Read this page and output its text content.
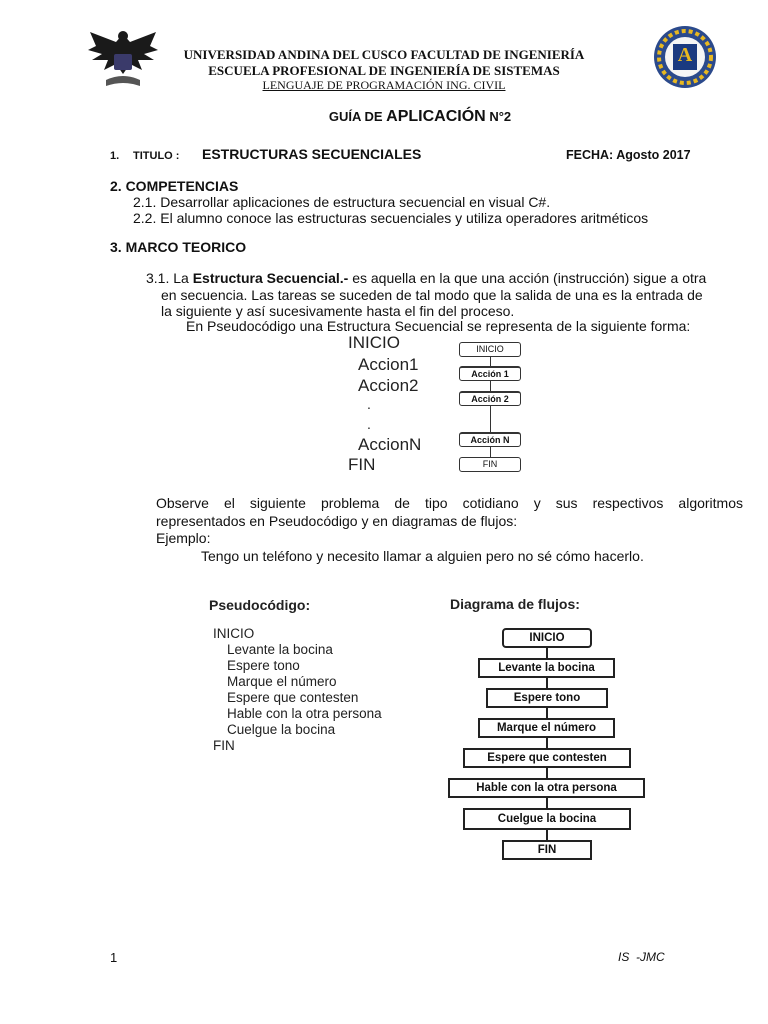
A
UNIVERSIDAD ANDINA DEL CUSCO FACULTAD DE INGENIERÍA
ESCUELA PROFESIONAL DE INGENIERÍA DE SISTEMAS
LENGUAJE DE PROGRAMACIÓN ING. CIVIL
GUÍA DE APLICACIÓN N°2
1. TITULO : ESTRUCTURAS SECUENCIALES	FECHA: Agosto 2017
2. COMPETENCIAS
2.1. Desarrollar aplicaciones de estructura secuencial en visual C#.
2.2. El alumno conoce las estructuras secuenciales y utiliza operadores aritméticos
3. MARCO TEORICO
3.1. La Estructura Secuencial.- es aquella en la que una acción (instrucción) sigue a otra
en secuencia. Las tareas se suceden de tal modo que la salida de una es la entrada de
la siguiente y así sucesivamente hasta el fin del proceso.
En Pseudocódigo una Estructura Secuencial se representa de la siguiente forma:
INICIO
Accion1
Accion2
.
.
AccionN
FIN
INICIO
Acción 1
Acción 2
Acción N
FIN
Observe el siguiente problema de tipo cotidiano y sus respectivos algoritmos
representados en Pseudocódigo y en diagramas de flujos:
Ejemplo:
Tengo un teléfono y necesito llamar a alguien pero no sé cómo hacerlo.
Pseudocódigo:
INICIO
Levante la bocina
Espere tono
Marque el número
Espere que contesten
Hable con la otra persona
Cuelgue la bocina
FIN
Diagrama de flujos:
INICIO
Levante la bocina
Espere tono
Marque el número
Espere que contesten
Hable con la otra persona
Cuelgue la bocina
FIN
1	IS  -JMC
